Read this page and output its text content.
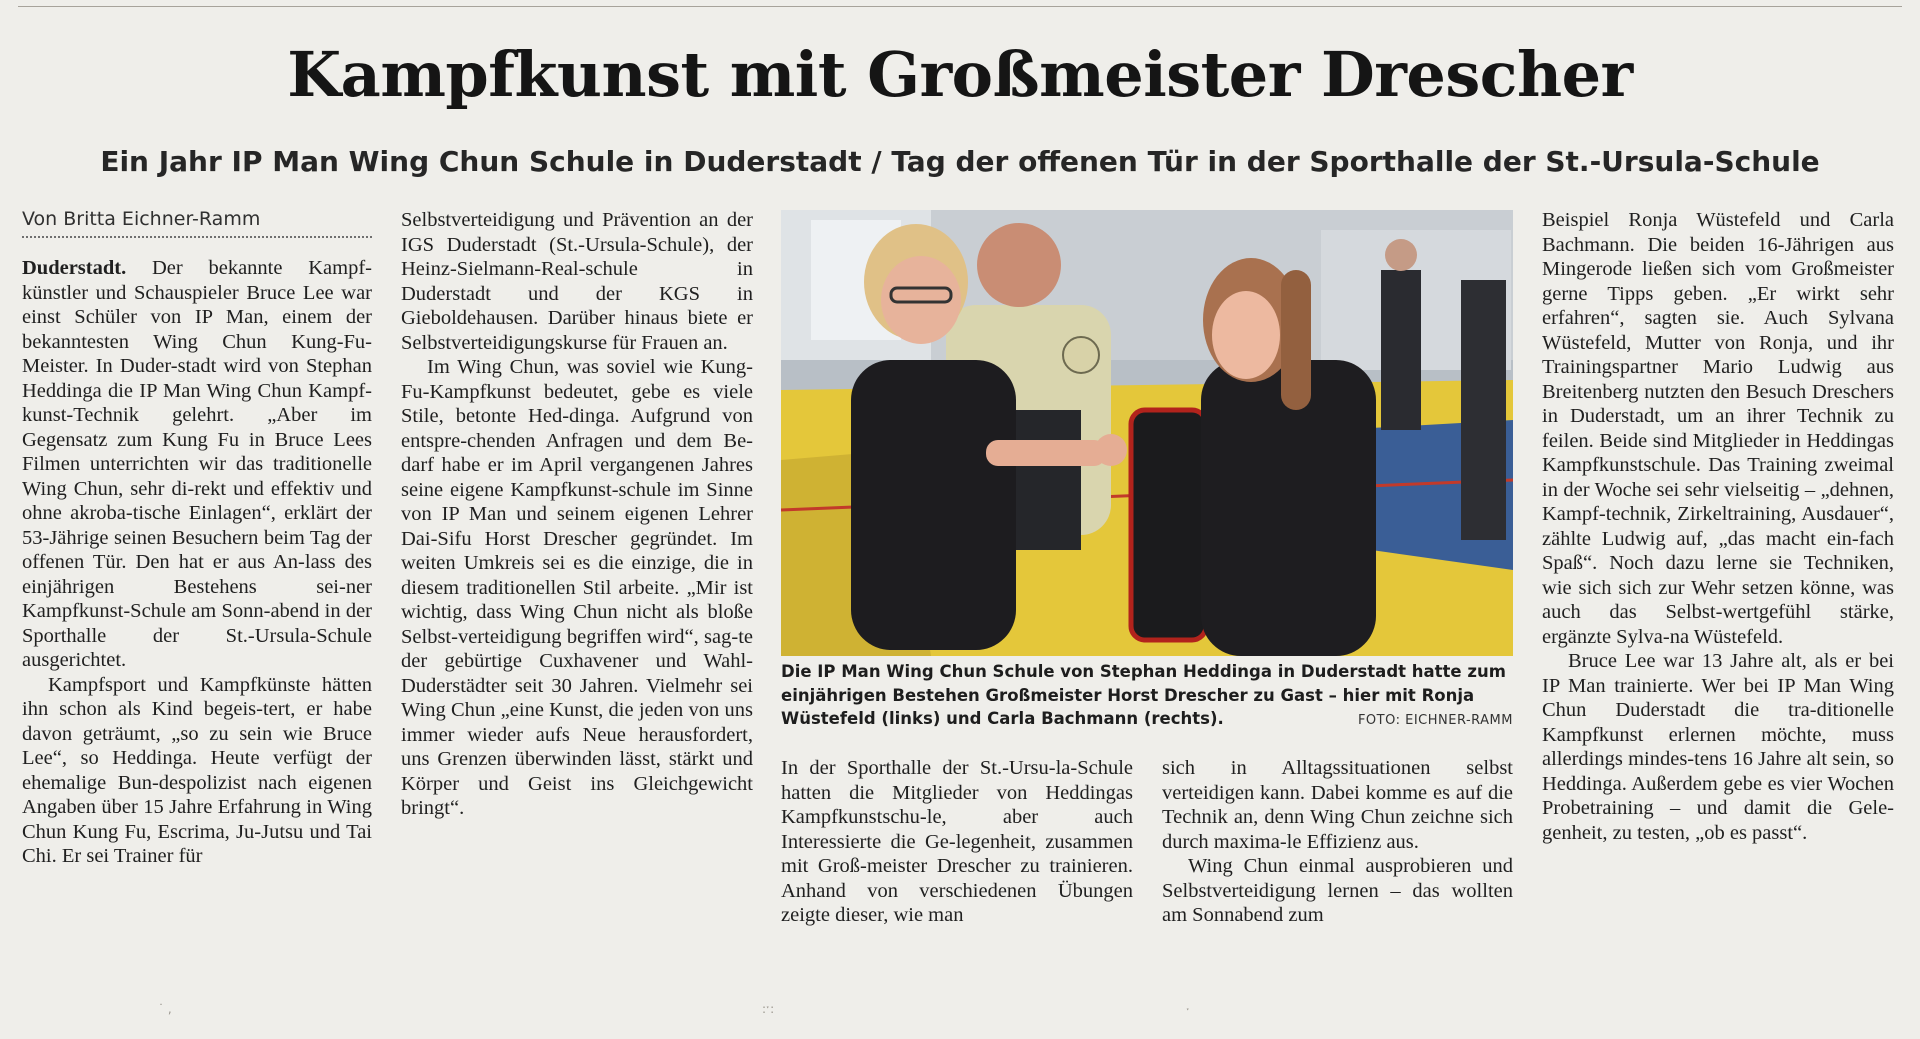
Kampfkunst mit Großmeister Drescher
Ein Jahr IP Man Wing Chun Schule in Duderstadt / Tag der offenen Tür in der Sporthalle der St.-Ursula-Schule
Von Britta Eichner-Ramm

Duderstadt. Der bekannte Kampf-künstler und Schauspieler Bruce Lee war einst Schüler von IP Man, einem der bekanntesten Wing Chun Kung-Fu-Meister. In Duder-stadt wird von Stephan Heddinga die IP Man Wing Chun Kampf-kunst-Technik gelehrt. „Aber im Gegensatz zum Kung Fu in Bruce Lees Filmen unterrichten wir das traditionelle Wing Chun, sehr di-rekt und effektiv und ohne akroba-tische Einlagen“, erklärt der 53-Jährige seinen Besuchern beim Tag der offenen Tür. Den hat er aus An-lass des einjährigen Bestehens sei-ner Kampfkunst-Schule am Sonn-abend in der Sporthalle der St.-Ursula-Schule ausgerichtet.

Kampfsport und Kampfkünste hätten ihn schon als Kind begeis-tert, er habe davon geträumt, „so zu sein wie Bruce Lee“, so Heddinga. Heute verfügt der ehemalige Bun-despolizist nach eigenen Angaben über 15 Jahre Erfahrung in Wing Chun Kung Fu, Escrima, Ju-Jutsu und Tai Chi. Er sei Trainer für

Selbstverteidigung und Prävention an der IGS Duderstadt (St.-Ursula-Schule), der Heinz-Sielmann-Real-schule in Duderstadt und der KGS in Gieboldehausen. Darüber hinaus biete er Selbstverteidigungskurse für Frauen an.

Im Wing Chun, was soviel wie Kung-Fu-Kampfkunst bedeutet, gebe es viele Stile, betonte Hed-dinga. Aufgrund von entspre-chenden Anfragen und dem Be-darf habe er im April vergangenen Jahres seine eigene Kampfkunst-schule im Sinne von IP Man und seinem eigenen Lehrer Dai-Sifu Horst Drescher gegründet. Im weiten Umkreis sei es die einzige, die in diesem traditionellen Stil arbeite. „Mir ist wichtig, dass Wing Chun nicht als bloße Selbst-verteidigung begriffen wird“, sag-te der gebürtige Cuxhavener und Wahl-Duderstädter seit 30 Jahren. Vielmehr sei Wing Chun „eine Kunst, die jeden von uns immer wieder aufs Neue herausfordert, uns Grenzen überwinden lässt, stärkt und Körper und Geist ins Gleichgewicht bringt“.

Die IP Man Wing Chun Schule von Stephan Heddinga in Duderstadt hatte zum einjährigen Bestehen Großmeister Horst Drescher zu Gast – hier mit Ronja Wüstefeld (links) und Carla Bachmann (rechts).	FOTO: EICHNER-RAMM

In der Sporthalle der St.-Ursu-la-Schule hatten die Mitglieder von Heddingas Kampfkunstschu-le, aber auch Interessierte die Ge-legenheit, zusammen mit Groß-meister Drescher zu trainieren. Anhand von verschiedenen Übungen zeigte dieser, wie man

sich in Alltagssituationen selbst verteidigen kann. Dabei komme es auf die Technik an, denn Wing Chun zeichne sich durch maxima-le Effizienz aus.

Wing Chun einmal ausprobieren und Selbstverteidigung lernen – das wollten am Sonnabend zum

Beispiel Ronja Wüstefeld und Carla Bachmann. Die beiden 16-Jährigen aus Mingerode ließen sich vom Großmeister gerne Tipps geben. „Er wirkt sehr erfahren“, sagten sie. Auch Sylvana Wüstefeld, Mutter von Ronja, und ihr Trainingspartner Mario Ludwig aus Breitenberg nutzten den Besuch Dreschers in Duderstadt, um an ihrer Technik zu feilen. Beide sind Mitglieder in Heddingas Kampfkunstschule. Das Training zweimal in der Woche sei sehr vielseitig – „dehnen, Kampf-technik, Zirkeltraining, Ausdauer“, zählte Ludwig auf, „das macht ein-fach Spaß“. Noch dazu lerne sie Techniken, wie sich sich zur Wehr setzen könne, was auch das Selbst-wertgefühl stärke, ergänzte Sylva-na Wüstefeld.

Bruce Lee war 13 Jahre alt, als er bei IP Man trainierte. Wer bei IP Man Wing Chun Duderstadt die tra-ditionelle Kampfkunst erlernen möchte, muss allerdings mindes-tens 16 Jahre alt sein, so Heddinga. Außerdem gebe es vier Wochen Probetraining – und damit die Gele-genheit, zu testen, „ob es passt“.

˙ ,	:ˑ:	ˑ
